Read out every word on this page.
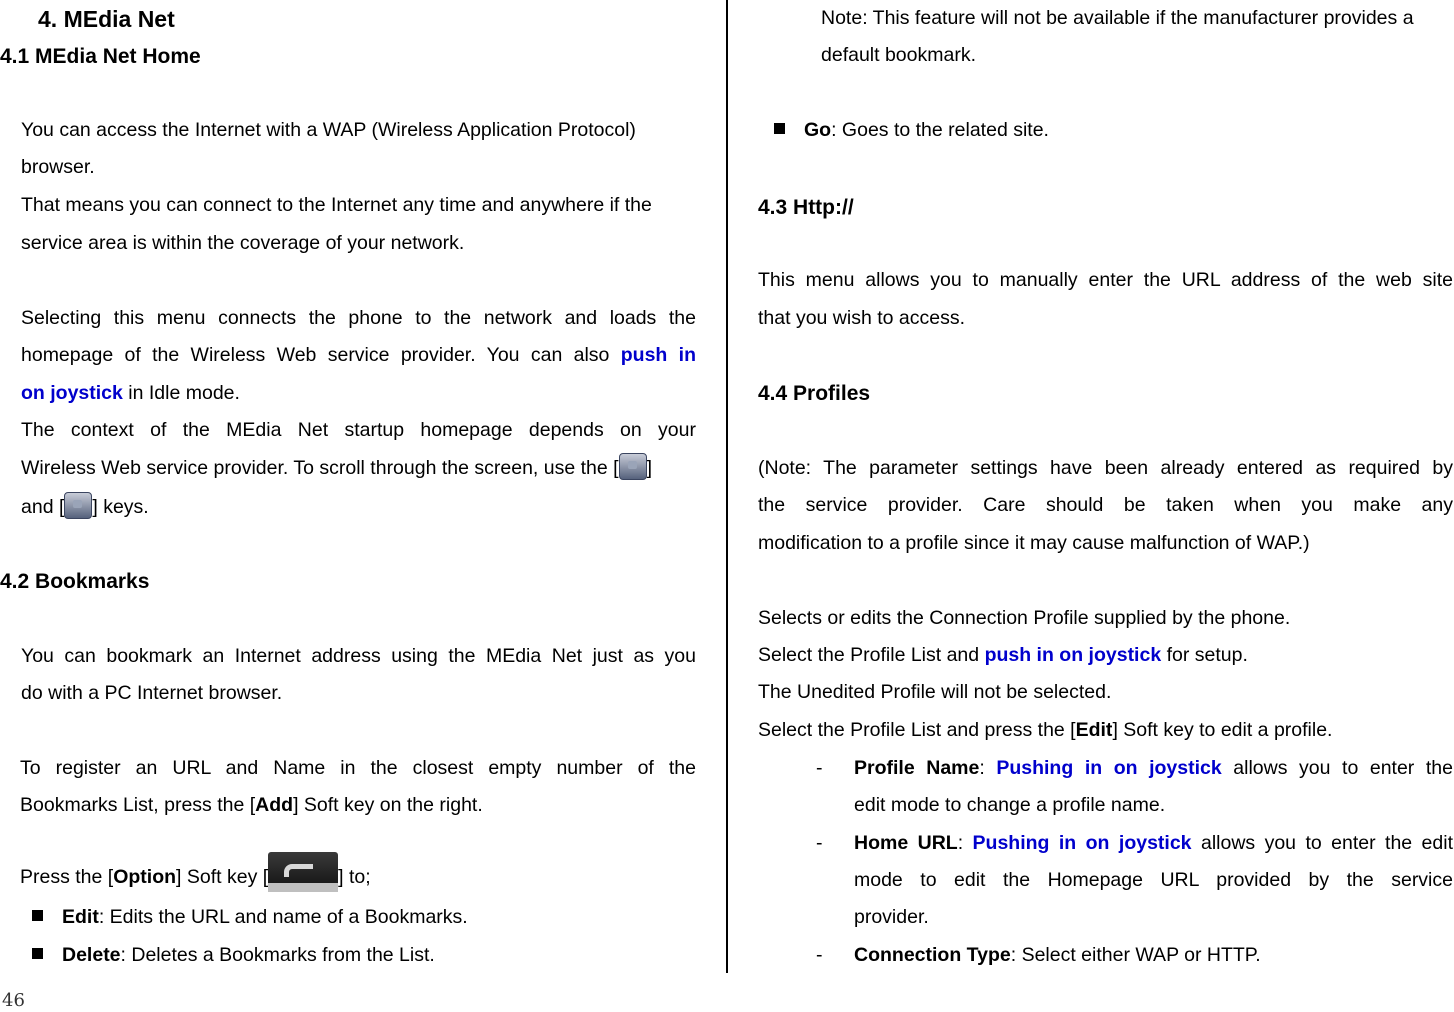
4. MEdia Net
4.1 MEdia Net Home
You can access the Internet with a WAP (Wireless Application Protocol)
browser.
That means you can connect to the Internet any time and anywhere if the
service area is within the coverage of your network.
Selecting this menu connects the phone to the network and loads the
homepage of the Wireless Web service provider. You can also push in
on joystick in Idle mode.
The context of the MEdia Net startup homepage depends on your
Wireless Web service provider. To scroll through the screen, use the [ ]
and [ ] keys.
4.2 Bookmarks
You can bookmark an Internet address using the MEdia Net just as you
do with a PC Internet browser.
To register an URL and Name in the closest empty number of the
Bookmarks List, press the [Add] Soft key on the right.
Press the [Option] Soft key [	] to;
Edit: Edits the URL and name of a Bookmarks.
Delete: Deletes a Bookmarks from the List.
Note: This feature will not be available if the manufacturer provides a
default bookmark.
Go: Goes to the related site.
4.3 Http://
This menu allows you to manually enter the URL address of the web site
that you wish to access.
4.4 Profiles
(Note: The parameter settings have been already entered as required by
the service provider. Care should be taken when you make any
modification to a profile since it may cause malfunction of WAP.)
Selects or edits the Connection Profile supplied by the phone.
Select the Profile List and push in on joystick for setup.
The Unedited Profile will not be selected.
Select the Profile List and press the [Edit] Soft key to edit a profile.
- Profile Name: Pushing in on joystick allows you to enter the
edit mode to change a profile name.
- Home URL: Pushing in on joystick allows you to enter the edit
mode to edit the Homepage URL provided by the service
provider.
- Connection Type: Select either WAP or HTTP.
46
